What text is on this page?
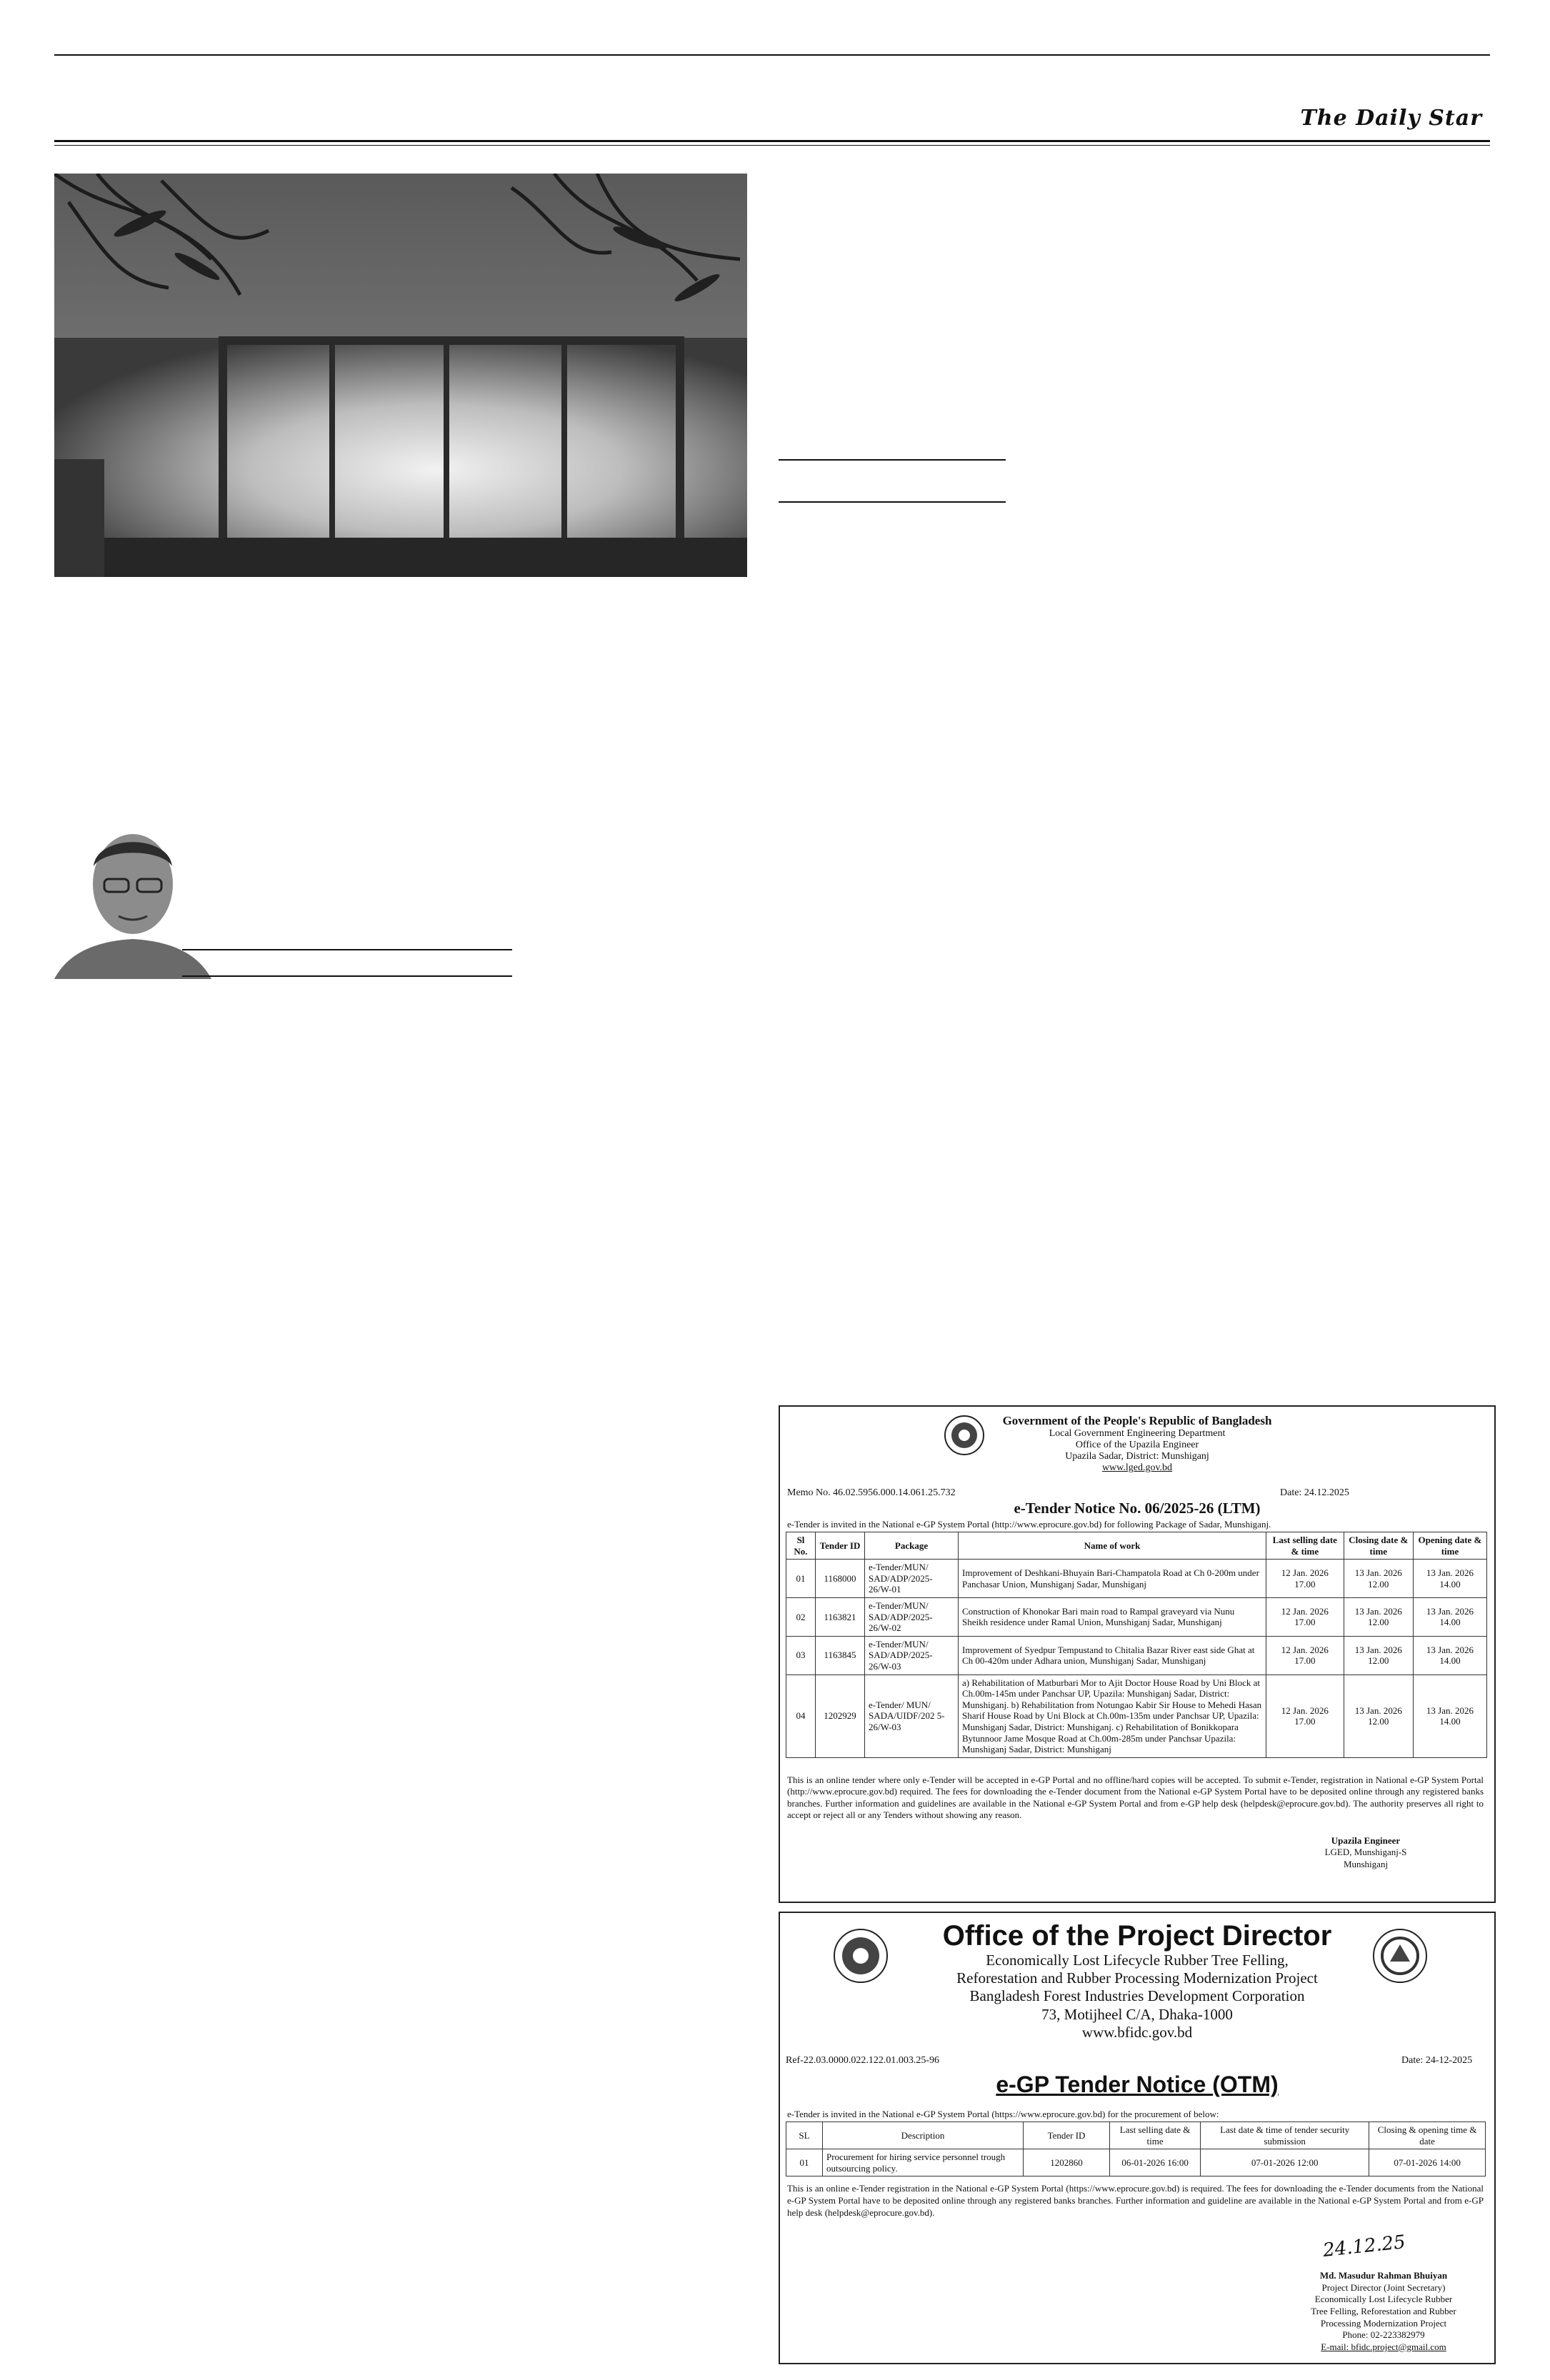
The Daily Star
Government of the People's Republic of Bangladesh
Local Government Engineering Department
Office of the Upazila Engineer
Upazila Sadar, District: Munshiganj
www.lged.gov.bd
Memo No. 46.02.5956.000.14.061.25.732	Date: 24.12.2025
e-Tender Notice No. 06/2025-26 (LTM)
e-Tender is invited in the National e-GP System Portal (http://www.eprocure.gov.bd) for following Package of Sadar, Munshiganj.
Sl No.	Tender ID	Package	Name of work	Last selling date & time	Closing date & time	Opening date & time
01	1168000	e-Tender/MUN/ SAD/ADP/2025-26/W-01	Improvement of Deshkani-Bhuyain Bari-Champatola Road at Ch 0-200m under Panchasar Union, Munshiganj Sadar, Munshiganj	12 Jan. 2026 17.00	13 Jan. 2026 12.00	13 Jan. 2026 14.00
02	1163821	e-Tender/MUN/ SAD/ADP/2025-26/W-02	Construction of Khonokar Bari main road to Rampal graveyard via Nunu Sheikh residence under Ramal Union, Munshiganj Sadar, Munshiganj	12 Jan. 2026 17.00	13 Jan. 2026 12.00	13 Jan. 2026 14.00
03	1163845	e-Tender/MUN/ SAD/ADP/2025-26/W-03	Improvement of Syedpur Tempustand to Chitalia Bazar River east side Ghat at Ch 00-420m under Adhara union, Munshiganj Sadar, Munshiganj	12 Jan. 2026 17.00	13 Jan. 2026 12.00	13 Jan. 2026 14.00
04	1202929	e-Tender/ MUN/ SADA/UIDF/202 5-26/W-03	a) Rehabilitation of Matburbari Mor to Ajit Doctor House Road by Uni Block at Ch.00m-145m under Panchsar UP, Upazila: Munshiganj Sadar, District: Munshiganj. b) Rehabilitation from Notungao Kabir Sir House to Mehedi Hasan Sharif House Road by Uni Block at Ch.00m-135m under Panchsar UP, Upazila: Munshiganj Sadar, District: Munshiganj. c) Rehabilitation of Bonikkopara Bytunnoor Jame Mosque Road at Ch.00m-285m under Panchsar Upazila: Munshiganj Sadar, District: Munshiganj	12 Jan. 2026 17.00	13 Jan. 2026 12.00	13 Jan. 2026 14.00
This is an online tender where only e-Tender will be accepted in e-GP Portal and no offline/hard copies will be accepted. To submit e-Tender, registration in National e-GP System Portal (http://www.eprocure.gov.bd) required. The fees for downloading the e-Tender document from the National e-GP System Portal have to be deposited online through any registered banks branches. Further information and guidelines are available in the National e-GP System Portal and from e-GP help desk (helpdesk@eprocure.gov.bd). The authority preserves all right to accept or reject all or any Tenders without showing any reason.
Upazila Engineer
LGED, Munshiganj-S
Munshiganj
Office of the Project Director
Economically Lost Lifecycle Rubber Tree Felling,
Reforestation and Rubber Processing Modernization Project
Bangladesh Forest Industries Development Corporation
73, Motijheel C/A, Dhaka-1000
www.bfidc.gov.bd
Ref-22.03.0000.022.122.01.003.25-96	Date: 24-12-2025
e-GP Tender Notice (OTM)
e-Tender is invited in the National e-GP System Portal (https://www.eprocure.gov.bd) for the procurement of below:
SL	Description	Tender ID	Last selling date & time	Last date & time of tender security submission	Closing & opening time & date
01	Procurement for hiring service personnel trough outsourcing policy.	1202860	06-01-2026 16:00	07-01-2026 12:00	07-01-2026 14:00
This is an online e-Tender registration in the National e-GP System Portal (https://www.eprocure.gov.bd) is required. The fees for downloading the e-Tender documents from the National e-GP System Portal have to be deposited online through any registered banks branches. Further information and guideline are available in the National e-GP System Portal and from e-GP help desk (helpdesk@eprocure.gov.bd).
24.12.25
Md. Masudur Rahman Bhuiyan
Project Director (Joint Secretary)
Economically Lost Lifecycle Rubber
Tree Felling, Reforestation and Rubber
Processing Modernization Project
Phone: 02-223382979
E-mail: bfidc.project@gmail.com
